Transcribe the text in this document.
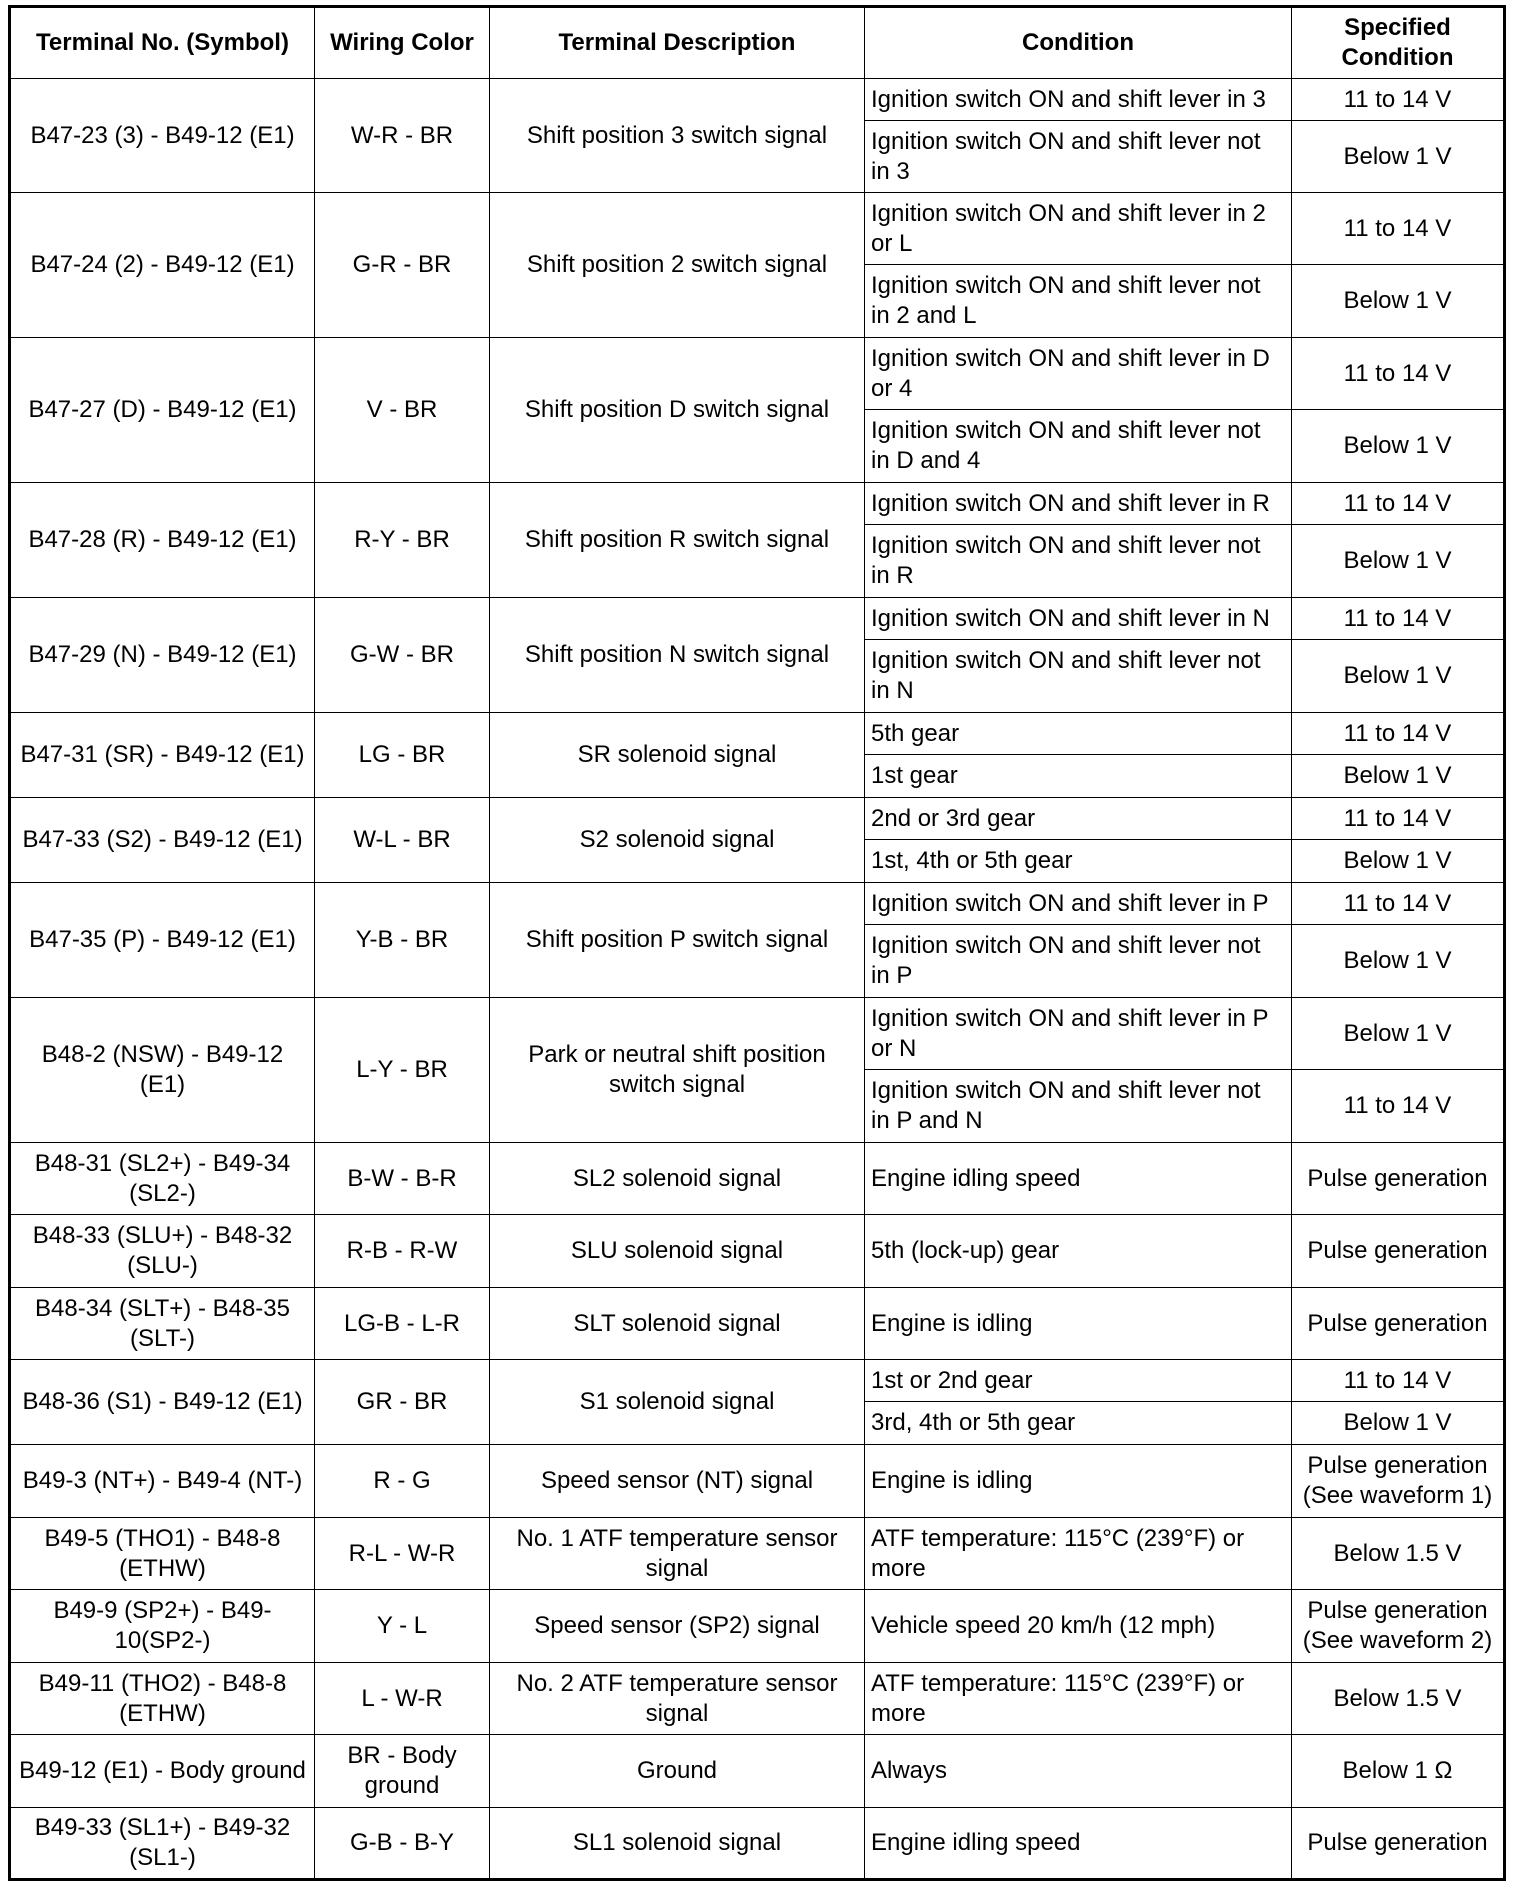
Terminal No. (Symbol)	Wiring Color	Terminal Description	Condition	Specified Condition
B47-23 (3) - B49-12 (E1)	W-R - BR	Shift position 3 switch signal	Ignition switch ON and shift lever in 3	11 to 14 V
			Ignition switch ON and shift lever not in 3	Below 1 V
B47-24 (2) - B49-12 (E1)	G-R - BR	Shift position 2 switch signal	Ignition switch ON and shift lever in 2 or L	11 to 14 V
			Ignition switch ON and shift lever not in 2 and L	Below 1 V
B47-27 (D) - B49-12 (E1)	V - BR	Shift position D switch signal	Ignition switch ON and shift lever in D or 4	11 to 14 V
			Ignition switch ON and shift lever not in D and 4	Below 1 V
B47-28 (R) - B49-12 (E1)	R-Y - BR	Shift position R switch signal	Ignition switch ON and shift lever in R	11 to 14 V
			Ignition switch ON and shift lever not in R	Below 1 V
B47-29 (N) - B49-12 (E1)	G-W - BR	Shift position N switch signal	Ignition switch ON and shift lever in N	11 to 14 V
			Ignition switch ON and shift lever not in N	Below 1 V
B47-31 (SR) - B49-12 (E1)	LG - BR	SR solenoid signal	5th gear	11 to 14 V
			1st gear	Below 1 V
B47-33 (S2) - B49-12 (E1)	W-L - BR	S2 solenoid signal	2nd or 3rd gear	11 to 14 V
			1st, 4th or 5th gear	Below 1 V
B47-35 (P) - B49-12 (E1)	Y-B - BR	Shift position P switch signal	Ignition switch ON and shift lever in P	11 to 14 V
			Ignition switch ON and shift lever not in P	Below 1 V
B48-2 (NSW) - B49-12 (E1)	L-Y - BR	Park or neutral shift position switch signal	Ignition switch ON and shift lever in P or N	Below 1 V
			Ignition switch ON and shift lever not in P and N	11 to 14 V
B48-31 (SL2+) - B49-34 (SL2-)	B-W - B-R	SL2 solenoid signal	Engine idling speed	Pulse generation
B48-33 (SLU+) - B48-32 (SLU-)	R-B - R-W	SLU solenoid signal	5th (lock-up) gear	Pulse generation
B48-34 (SLT+) - B48-35 (SLT-)	LG-B - L-R	SLT solenoid signal	Engine is idling	Pulse generation
B48-36 (S1) - B49-12 (E1)	GR - BR	S1 solenoid signal	1st or 2nd gear	11 to 14 V
			3rd, 4th or 5th gear	Below 1 V
B49-3 (NT+) - B49-4 (NT-)	R - G	Speed sensor (NT) signal	Engine is idling	Pulse generation (See waveform 1)
B49-5 (THO1) - B48-8 (ETHW)	R-L - W-R	No. 1 ATF temperature sensor signal	ATF temperature: 115°C (239°F) or more	Below 1.5 V
B49-9 (SP2+) - B49-10(SP2-)	Y - L	Speed sensor (SP2) signal	Vehicle speed 20 km/h (12 mph)	Pulse generation (See waveform 2)
B49-11 (THO2) - B48-8 (ETHW)	L - W-R	No. 2 ATF temperature sensor signal	ATF temperature: 115°C (239°F) or more	Below 1.5 V
B49-12 (E1) - Body ground	BR - Body ground	Ground	Always	Below 1 Ω
B49-33 (SL1+) - B49-32 (SL1-)	G-B - B-Y	SL1 solenoid signal	Engine idling speed	Pulse generation
